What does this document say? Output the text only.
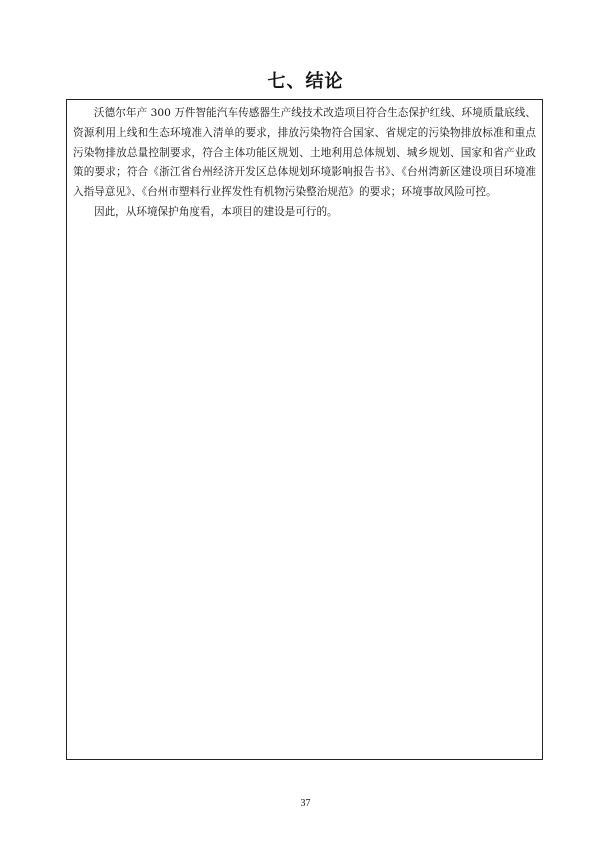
七、结论

沃德尔年产 300 万件智能汽车传感器生产线技术改造项目符合生态保护红线、环境质量底线、资源利用上线和生态环境准入清单的要求，排放污染物符合国家、省规定的污染物排放标准和重点污染物排放总量控制要求，符合主体功能区规划、土地利用总体规划、城乡规划、国家和省产业政策的要求；符合《浙江省台州经济开发区总体规划环境影响报告书》、《台州湾新区建设项目环境准入指导意见》、《台州市塑料行业挥发性有机物污染整治规范》的要求；环境事故风险可控。

因此，从环境保护角度看，本项目的建设是可行的。

37
